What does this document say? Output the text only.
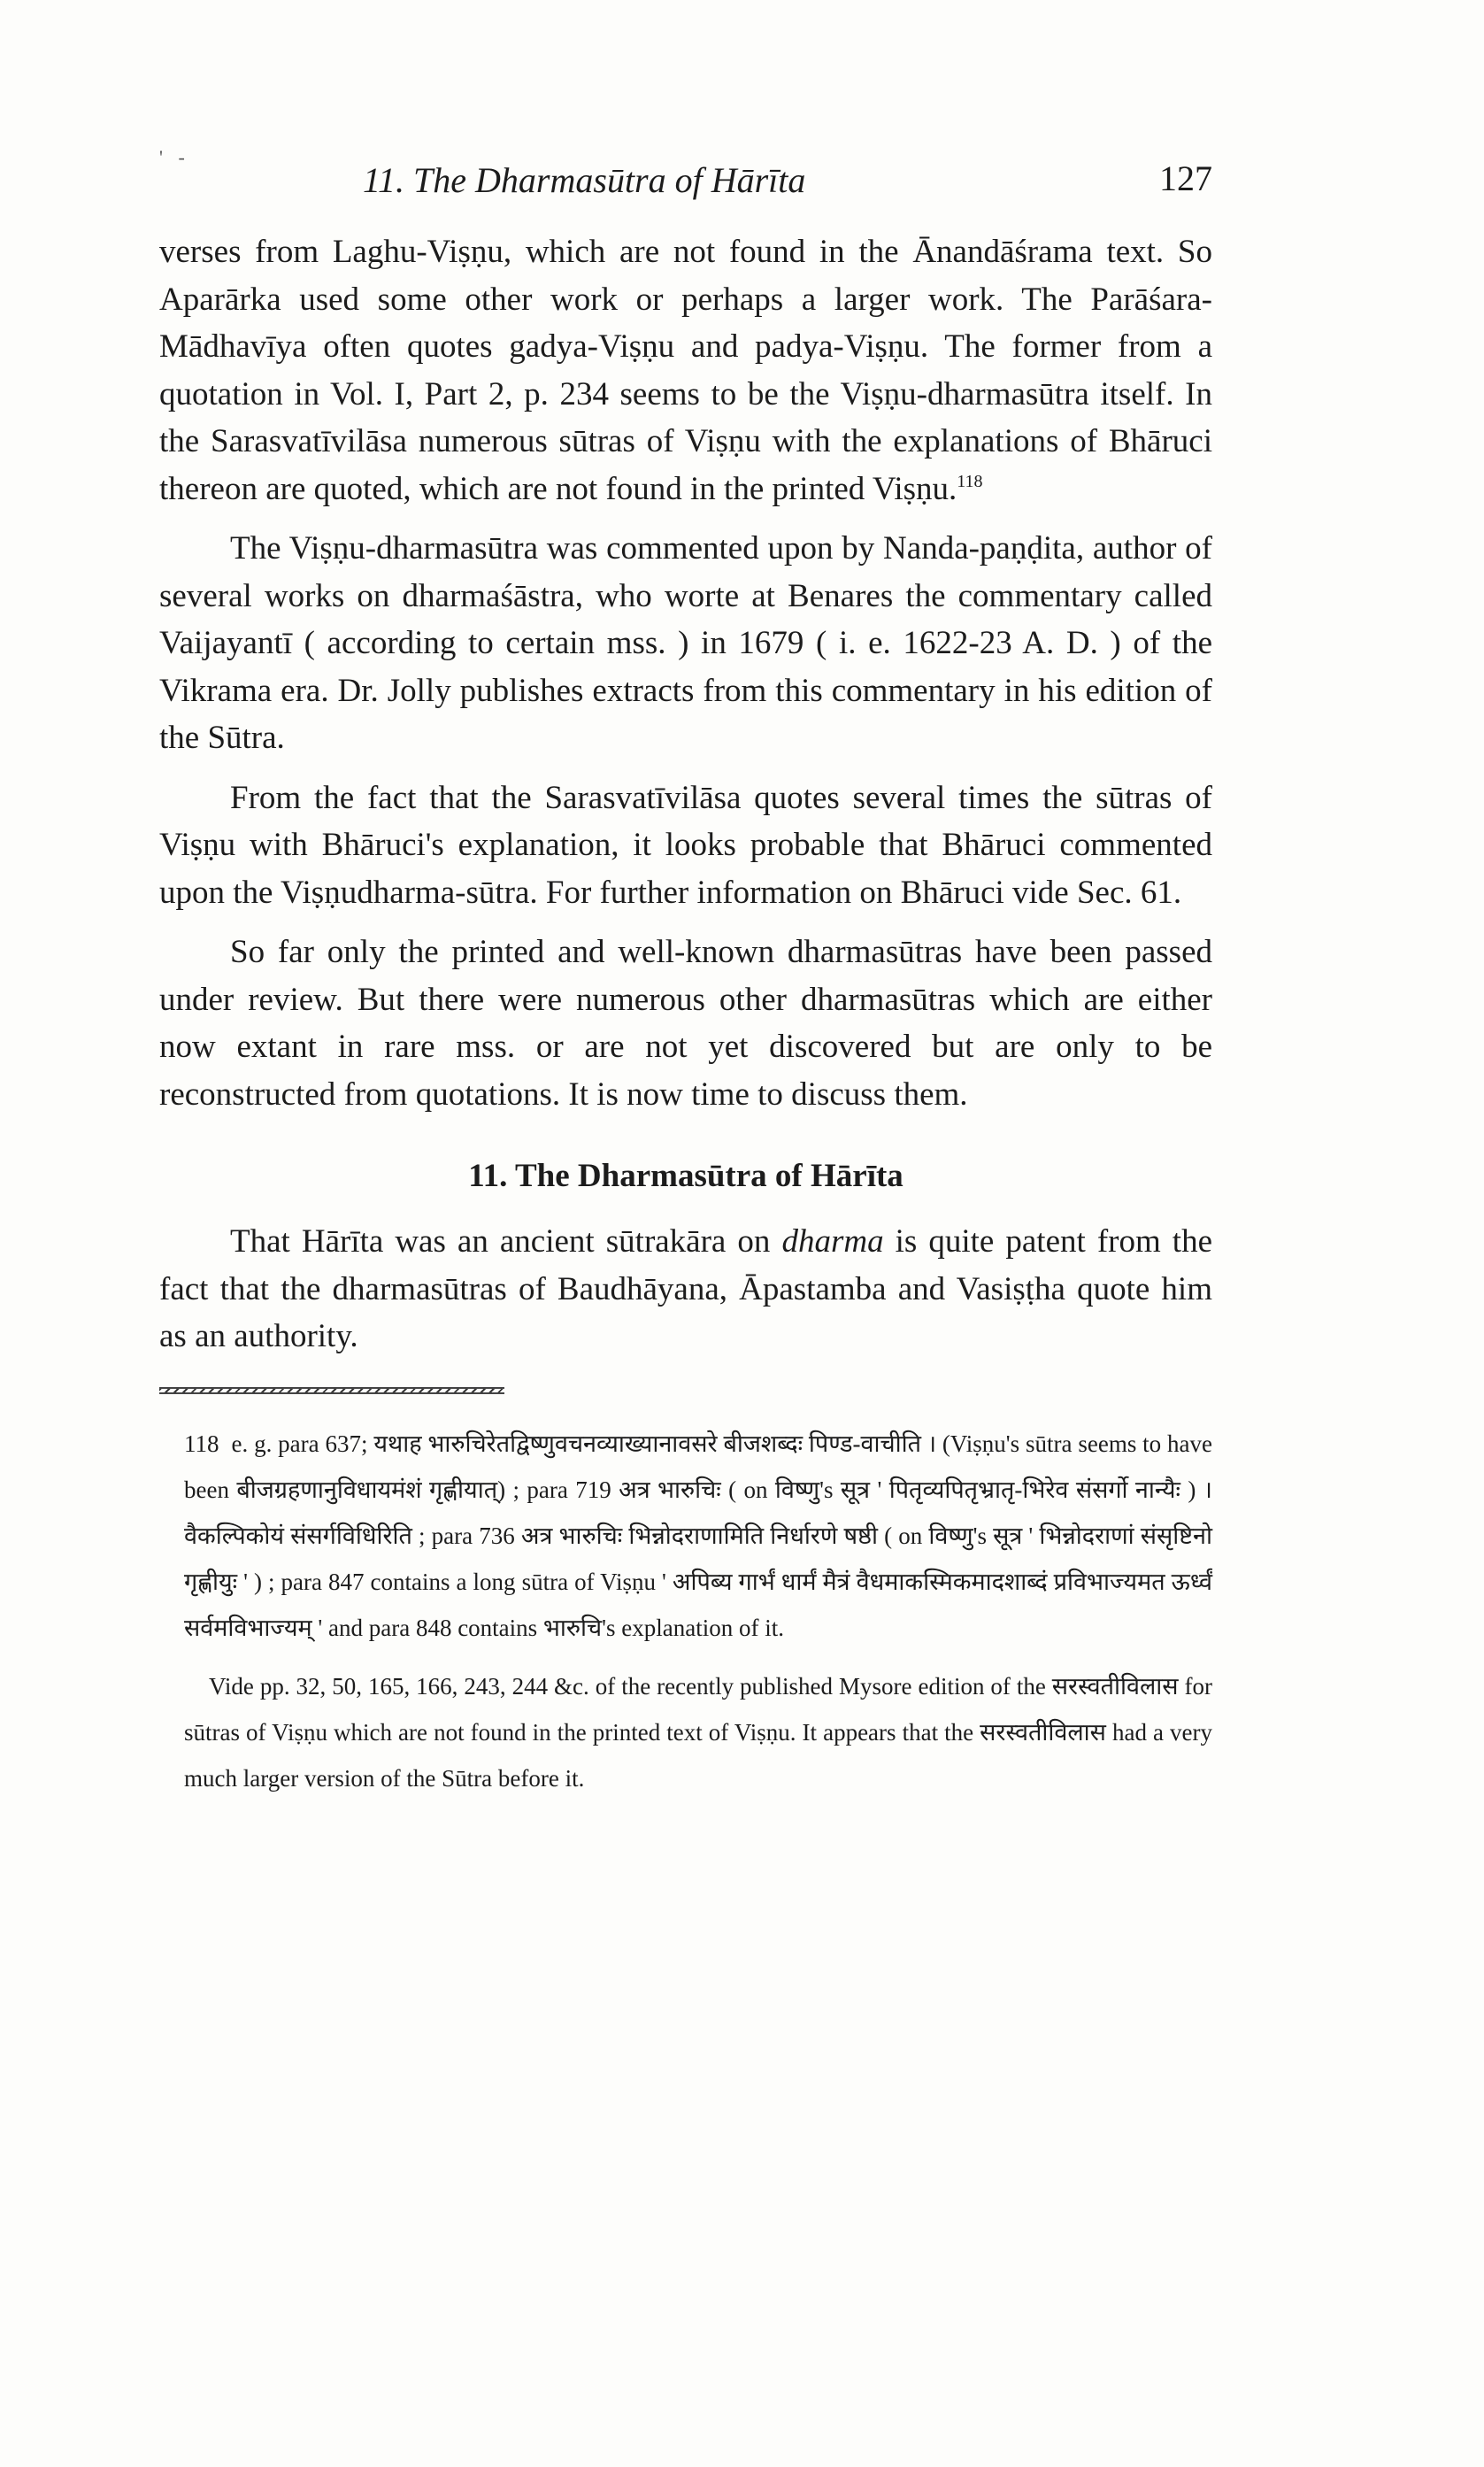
' -
11. The Dharmasūtra of Hārīta	127

verses from Laghu-Viṣṇu, which are not found in the Ānandāśrama text. So Aparārka used some other work or perhaps a larger work. The Parāśara-Mādhavīya often quotes gadya-Viṣṇu and padya-Viṣṇu. The former from a quotation in Vol. I, Part 2, p. 234 seems to be the Viṣṇu-dharmasūtra itself. In the Sarasvatīvilāsa numerous sūtras of Viṣṇu with the explanations of Bhāruci thereon are quoted, which are not found in the printed Viṣṇu.$^{118}$

The Viṣṇu-dharmasūtra was commented upon by Nanda-paṇḍita, author of several works on dharmaśāstra, who worte at Benares the commentary called Vaijayantī ( according to certain mss. ) in 1679 ( i. e. 1622-23 A. D. ) of the Vikrama era. Dr. Jolly publishes extracts from this commentary in his edition of the Sūtra.

From the fact that the Sarasvatīvilāsa quotes several times the sūtras of Viṣṇu with Bhāruci's explanation, it looks probable that Bhāruci commented upon the Viṣṇudharma-sūtra. For further information on Bhāruci vide Sec. 61.

So far only the printed and well-known dharmasūtras have been passed under review. But there were numerous other dharmasūtras which are either now extant in rare mss. or are not yet discovered but are only to be reconstructed from quotations. It is now time to discuss them.

11. The Dharmasūtra of Hārīta

That Hārīta was an ancient sūtrakāra on dharma is quite patent from the fact that the dharmasūtras of Baudhāyana, Āpastamba and Vasiṣṭha quote him as an authority.

118 e. g. para 637; यथाह भारुचिरेतद्विष्णुवचनव्याख्यानावसरे बीजशब्दः पिण्ड-वाचीति । (Viṣṇu's sūtra seems to have been बीजग्रहणानुविधायमंशं गृह्णीयात्) ; para 719 अत्र भारुचिः ( on विष्णु's सूत्र ' पितृव्यपितृभ्रातृ-भिरेव संसर्गो नान्यैः ) । वैकल्पिकोयं संसर्गविधिरिति ; para 736 अत्र भारुचिः भिन्नोदराणामिति निर्धारणे षष्ठी ( on विष्णु's सूत्र ' भिन्नोदराणां संसृष्टिनो गृह्णीयुः ' ) ; para 847 contains a long sūtra of Viṣṇu ' अपिब्य गार्भं धार्मं मैत्रं वैधमाकस्मिकमादशाब्दं प्रविभाज्यमत ऊर्ध्वं सर्वमविभाज्यम् ' and para 848 contains भारुचि's explanation of it.

Vide pp. 32, 50, 165, 166, 243, 244 &c. of the recently published Mysore edition of the सरस्वतीविलास for sūtras of Viṣṇu which are not found in the printed text of Viṣṇu. It appears that the सरस्वतीविलास had a very much larger version of the Sūtra before it.
